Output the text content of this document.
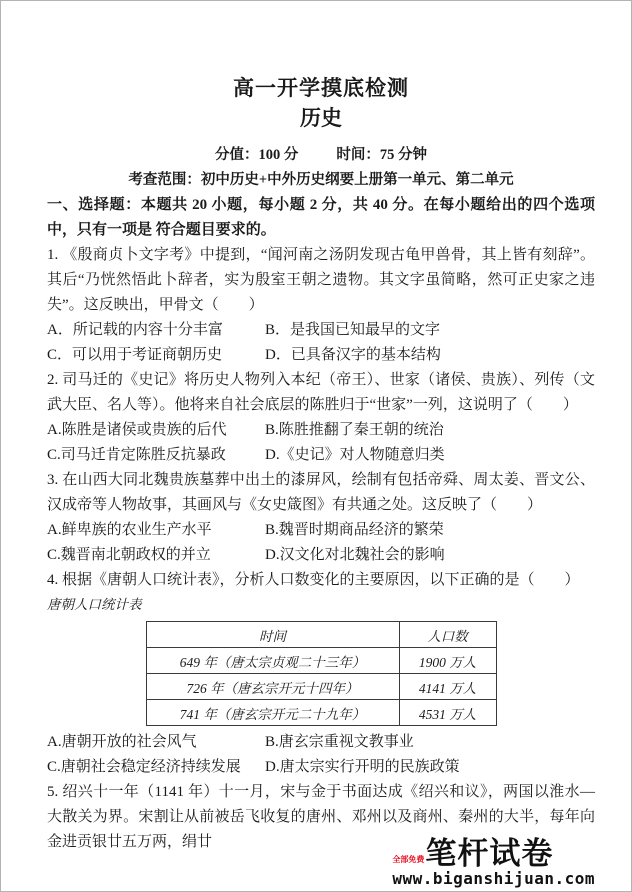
高一开学摸底检测
历史
分值：100 分	时间：75 分钟
考查范围：初中历史+中外历史纲要上册第一单元、第二单元

一、选择题：本题共 20 小题，每小题 2 分，共 40 分。在每小题给出的四个选项中，只有一项是 符合题目要求的。

1. 《殷商贞卜文字考》中提到，“闻河南之汤阴发现古龟甲兽骨，其上皆有刻辞”。其后“乃恍然悟此卜辞者，实为殷室王朝之遗物。其文字虽简略，然可正史家之违失”。这反映出，甲骨文（　　）

A．所记载的内容十分丰富	B．是我国已知最早的文字
C．可以用于考证商朝历史	D．已具备汉字的基本结构

2. 司马迁的《史记》将历史人物列入本纪（帝王）、世家（诸侯、贵族）、列传（文武大臣、名人等）。他将来自社会底层的陈胜归于“世家”一列，这说明了（　　）

A.陈胜是诸侯或贵族的后代	B.陈胜推翻了秦王朝的统治
C.司马迁肯定陈胜反抗暴政	D.《史记》对人物随意归类

3. 在山西大同北魏贵族墓葬中出土的漆屏风，绘制有包括帝舜、周太姜、晋文公、汉成帝等人物故事，其画风与《女史箴图》有共通之处。这反映了（　　）

A.鲜卑族的农业生产水平	B.魏晋时期商品经济的繁荣
C.魏晋南北朝政权的并立	D.汉文化对北魏社会的影响

4. 根据《唐朝人口统计表》，分析人口数变化的主要原因，以下正确的是（　　）

唐朝人口统计表

时间	人口数
649 年（唐太宗贞观二十三年）	1900 万人
726 年（唐玄宗开元十四年）	4141 万人
741 年（唐玄宗开元二十九年）	4531 万人
A.唐朝开放的社会风气	B.唐玄宗重视文教事业
C.唐朝社会稳定经济持续发展	D.唐太宗实行开明的民族政策

5. 绍兴十一年（1141 年）十一月，宋与金于书面达成《绍兴和议》，两国以淮水—大散关为界。宋割让从前被岳飞收复的唐州、邓州以及商州、秦州的大半，每年向金进贡银廿五万两，绢廿

全部免费 笔杆试卷
www.biganshijuan.com
